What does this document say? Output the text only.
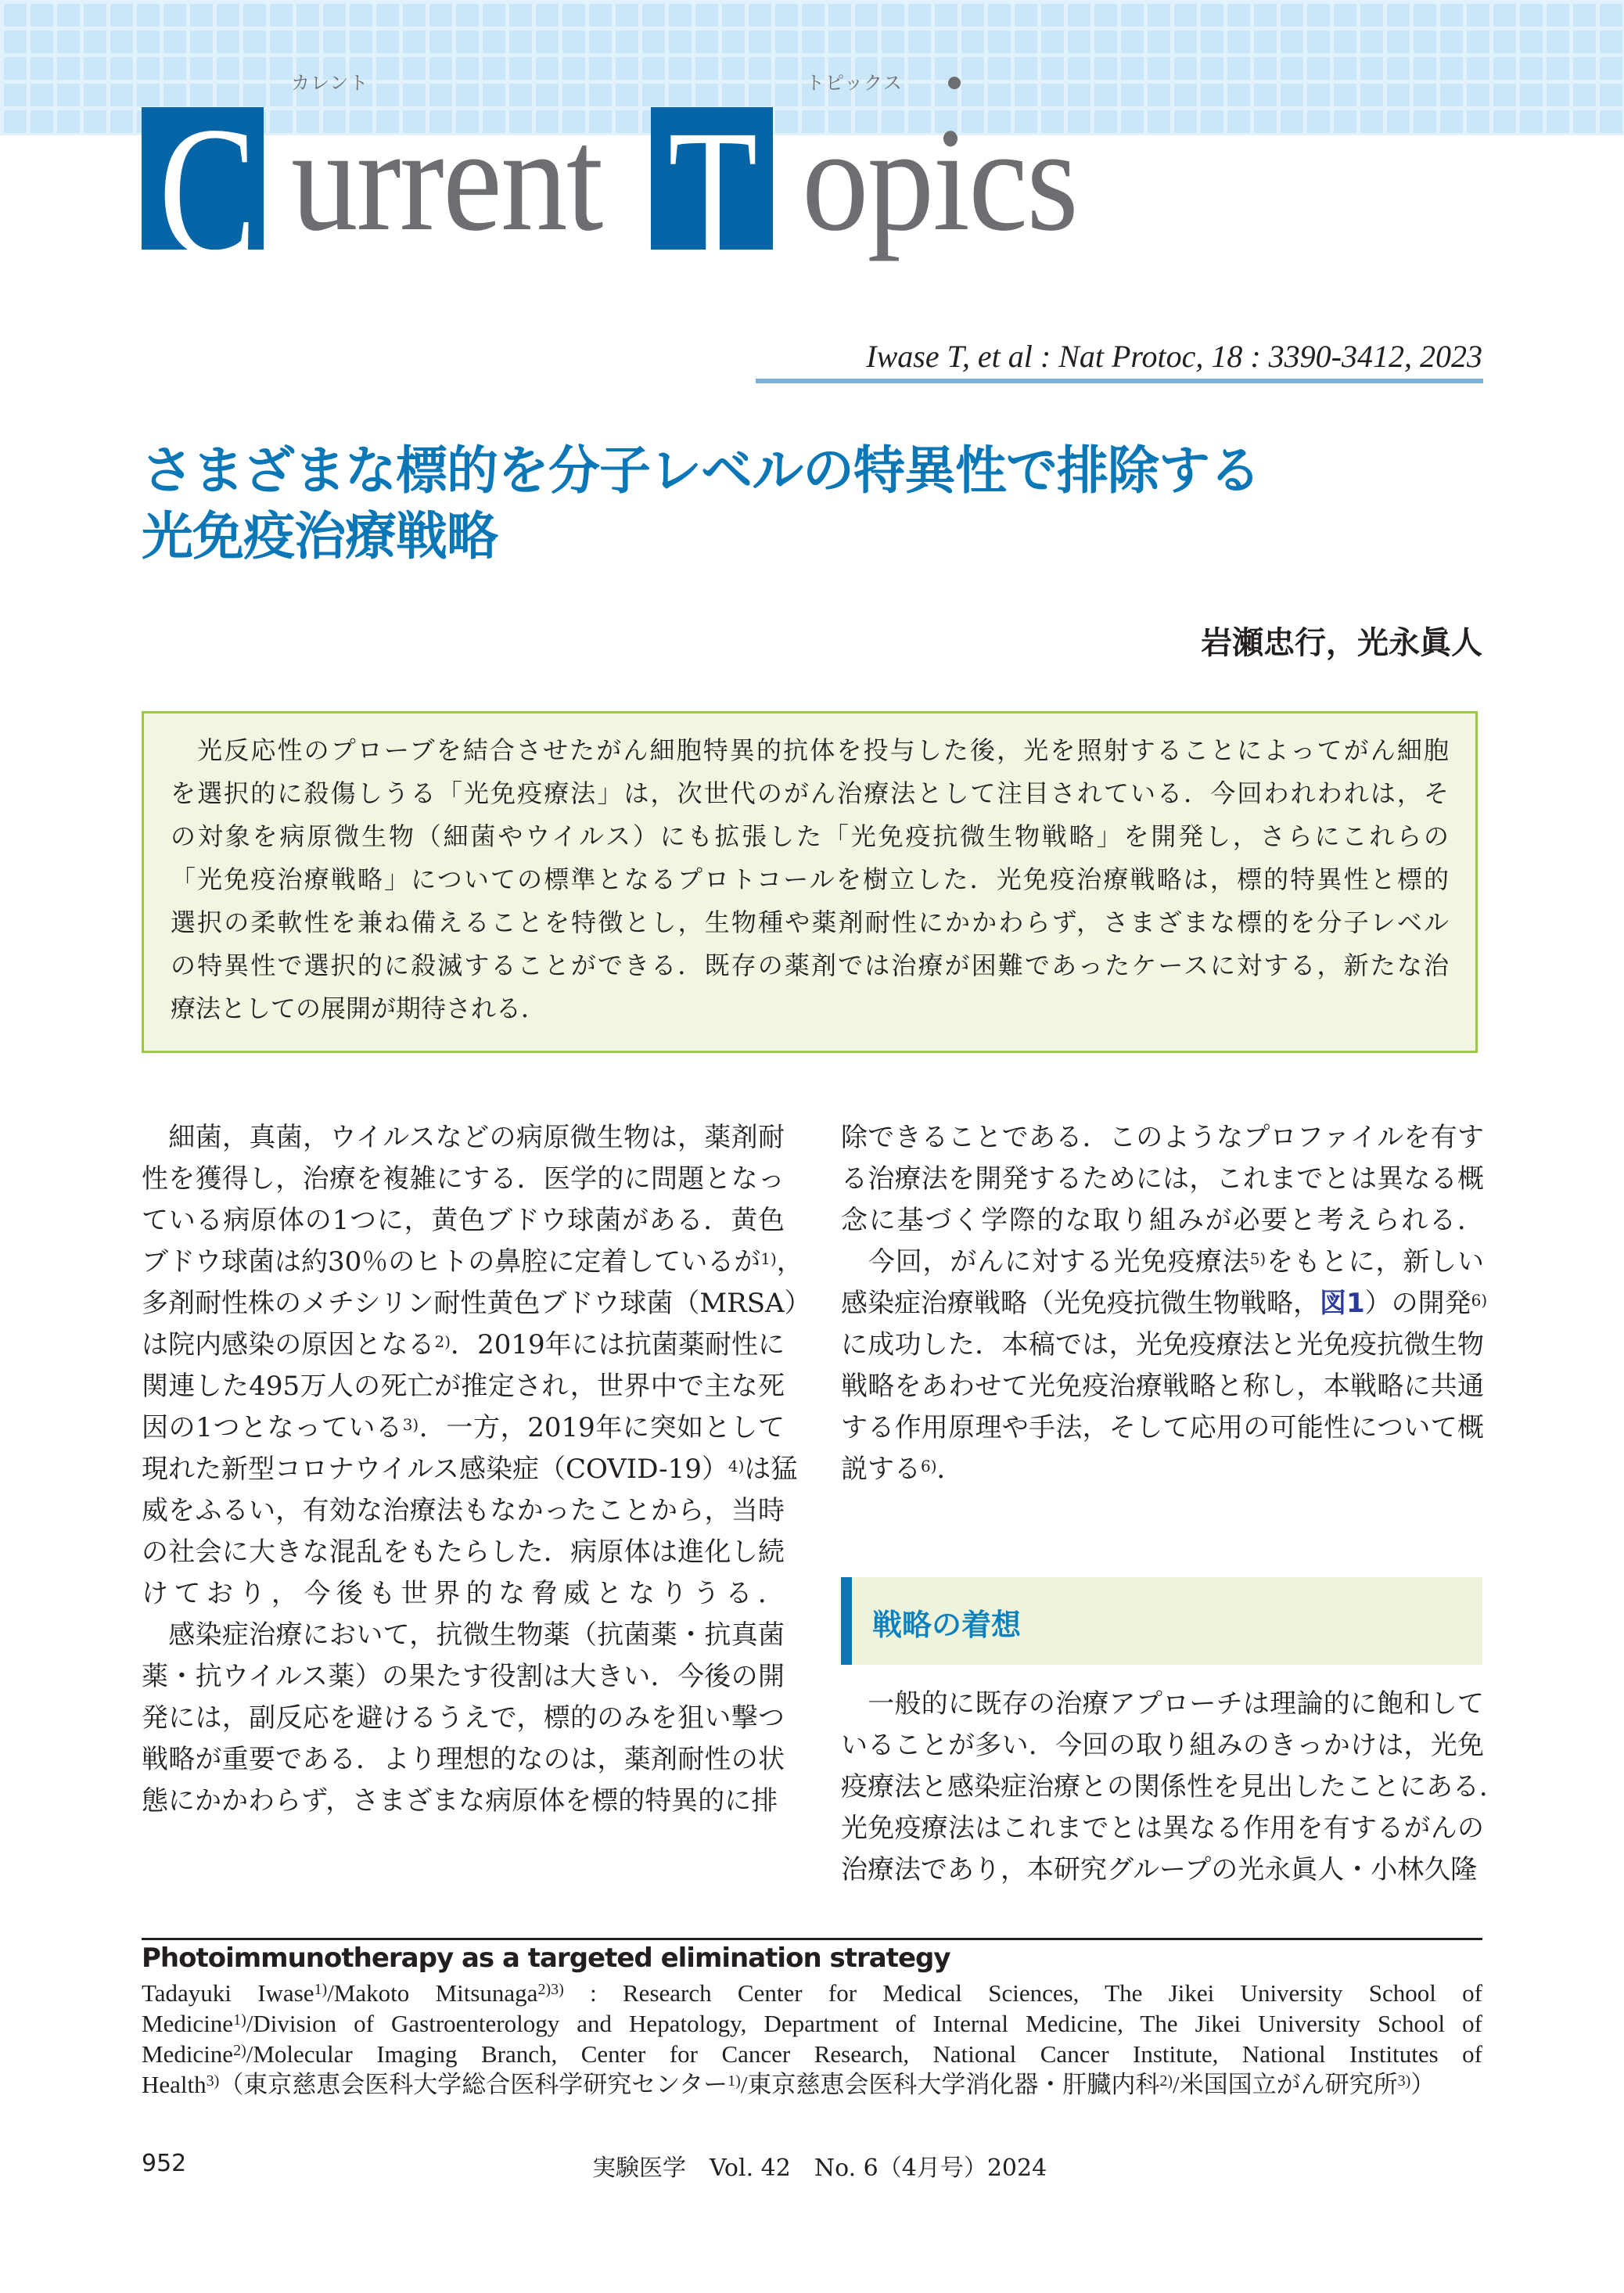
C urrent
カレント
T opics
トピックス
Iwase T, et al : Nat Protoc, 18 : 3390-3412, 2023
さまざまな標的を分子レベルの特異性で排除する
光免疫治療戦略
岩瀬忠行，光永眞人
　光反応性のプローブを結合させたがん細胞特異的抗体を投与した後，光を照射することによってがん細胞
を選択的に殺傷しうる「光免疫療法」は，次世代のがん治療法として注目されている．今回われわれは，そ
の対象を病原微生物（細菌やウイルス）にも拡張した「光免疫抗微生物戦略」を開発し，さらにこれらの
「光免疫治療戦略」についての標準となるプロトコールを樹立した．光免疫治療戦略は，標的特異性と標的
選択の柔軟性を兼ね備えることを特徴とし，生物種や薬剤耐性にかかわらず，さまざまな標的を分子レベル
の特異性で選択的に殺滅することができる．既存の薬剤では治療が困難であったケースに対する，新たな治
療法としての展開が期待される．
　細菌，真菌，ウイルスなどの病原微生物は，薬剤耐
性を獲得し，治療を複雑にする．医学的に問題となっ
ている病原体の1つに，黄色ブドウ球菌がある．黄色
ブドウ球菌は約30％のヒトの鼻腔に定着しているが$^{1)}$，
多剤耐性株のメチシリン耐性黄色ブドウ球菌（MRSA）
は院内感染の原因となる$^{2)}$．2019年には抗菌薬耐性に
関連した495万人の死亡が推定され，世界中で主な死
因の1つとなっている$^{3)}$．一方，2019年に突如として
現れた新型コロナウイルス感染症（COVID-19）$^{4)}$は猛
威をふるい，有効な治療法もなかったことから，当時
の社会に大きな混乱をもたらした．病原体は進化し続
けており，今後も世界的な脅威となりうる．
　感染症治療において，抗微生物薬（抗菌薬・抗真菌
薬・抗ウイルス薬）の果たす役割は大きい．今後の開
発には，副反応を避けるうえで，標的のみを狙い撃つ
戦略が重要である．より理想的なのは，薬剤耐性の状
態にかかわらず，さまざまな病原体を標的特異的に排
除できることである．このようなプロファイルを有す
る治療法を開発するためには，これまでとは異なる概
念に基づく学際的な取り組みが必要と考えられる．
　今回，がんに対する光免疫療法$^{5)}$をもとに，新しい
感染症治療戦略（光免疫抗微生物戦略，図1）の開発$^{6)}$
に成功した．本稿では，光免疫療法と光免疫抗微生物
戦略をあわせて光免疫治療戦略と称し，本戦略に共通
する作用原理や手法，そして応用の可能性について概
説する$^{6)}$．
戦略の着想
　一般的に既存の治療アプローチは理論的に飽和して
いることが多い．今回の取り組みのきっかけは，光免
疫療法と感染症治療との関係性を見出したことにある．
光免疫療法はこれまでとは異なる作用を有するがんの
治療法であり，本研究グループの光永眞人・小林久隆
Photoimmunotherapy as a targeted elimination strategy
Tadayuki Iwase$^{1)}$/Makoto Mitsunaga$^{2)3)}$ : Research Center for Medical Sciences, The Jikei University School of
Medicine$^{1)}$/Division of Gastroenterology and Hepatology, Department of Internal Medicine, The Jikei University School of
Medicine$^{2)}$/Molecular Imaging Branch, Center for Cancer Research, National Cancer Institute, National Institutes of
Health$^{3)}$（東京慈恵会医科大学総合医科学研究センター$^{1)}$/東京慈恵会医科大学消化器・肝臓内科$^{2)}$/米国国立がん研究所$^{3)}$）
952	実験医学　Vol. 42　No. 6（4月号）2024
